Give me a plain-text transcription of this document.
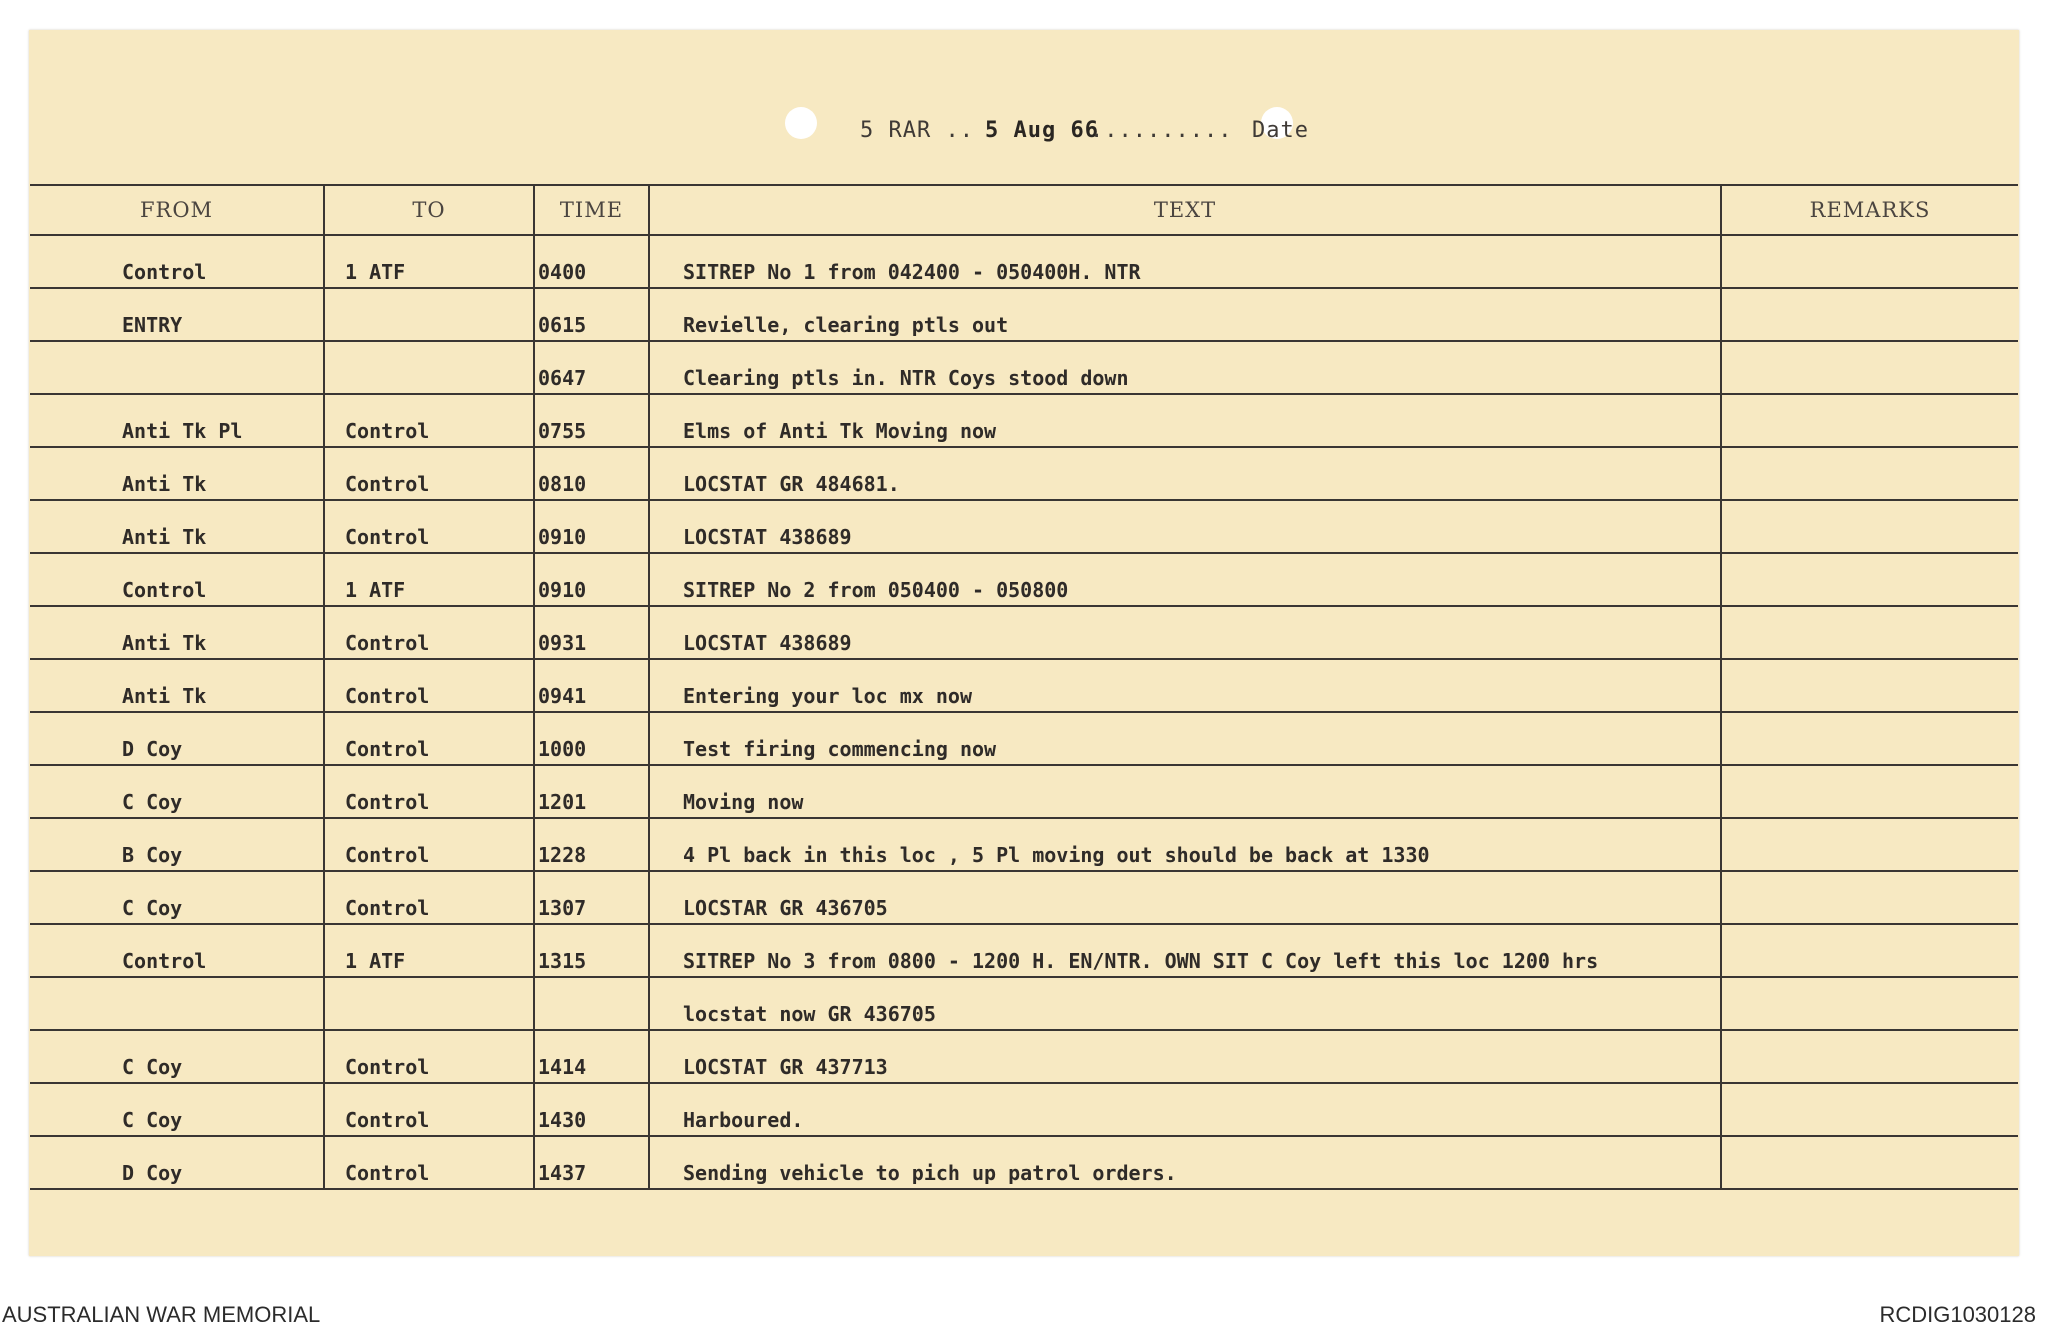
5 RAR .. 5 Aug 66
.......... Date
FROM	TO	TIME	TEXT	REMARKS
Control	1 ATF	0400	SITREP No 1 from 042400 - 050400H. NTR	
ENTRY		0615	Revielle, clearing ptls out	
		0647	Clearing ptls in. NTR Coys stood down	
Anti Tk Pl	Control	0755	Elms of Anti Tk Moving now	
Anti Tk	Control	0810	LOCSTAT GR 484681.	
Anti Tk	Control	0910	LOCSTAT 438689	
Control	1 ATF	0910	SITREP No 2 from 050400 - 050800	
Anti Tk	Control	0931	LOCSTAT 438689	
Anti Tk	Control	0941	Entering your loc mx now	
D Coy	Control	1000	Test firing commencing now	
C Coy	Control	1201	Moving now	
B Coy	Control	1228	4 Pl back in this loc , 5 Pl moving out should be back at 1330	
C Coy	Control	1307	LOCSTAR GR 436705	
Control	1 ATF	1315	SITREP No 3 from 0800 - 1200 H. EN/NTR. OWN SIT C Coy left this loc 1200 hrs	
			locstat now GR 436705	
C Coy	Control	1414	LOCSTAT GR 437713	
C Coy	Control	1430	Harboured.	
D Coy	Control	1437	Sending vehicle to pich up patrol orders.	
AUSTRALIAN WAR MEMORIAL	RCDIG1030128
